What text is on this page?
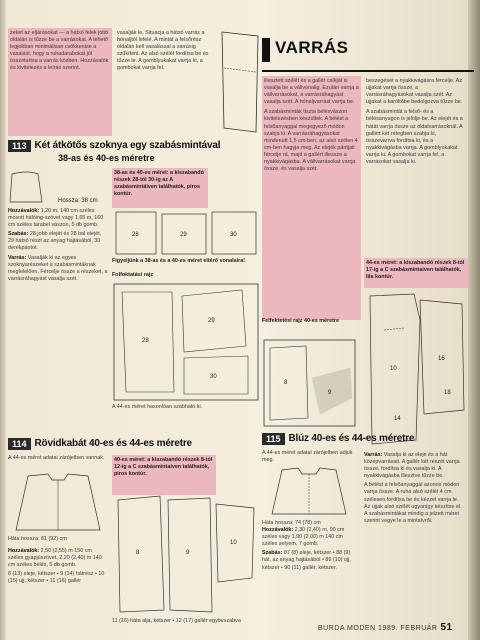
VARRÁS

zeket az eljárásokat — a hátsó felek jobb oldalán is tűzze be a varrásokat. A lehető legjobban minimálisan csökkentse a vasalást, hogy a ruhadarabokat jól összetartsa a varrás közben. Hozzávalók és kivitelezés a leírás szerint.

vasalják le. Situacja a hátsó varrás a hónaljtól lefelé. A mintát a felsőrész oldalán kell vasalással a varrásig szűkíteni. Az alsó szélét fordítsa be és tűzze le. A gomblyukakat varrja ki, a gombokat varrja fel.

illesztett szélét és a gallér csíkját is vasalja be a vállvonalig. Ezután varrja a vállvarrásokat, a varrásráhagyást vasalja szét. A hónaljvarrást varrja be.

A szabásminták tiszta bélésvászon kivitelezésben készültek. A bélést a felsőanyaggal megegyező módon szabja ki. A varrásráhagyásokat mindenütt 1,5 cm-ben, az alsó szélen 4 cm-ben hagyja meg. Az elejék pántjait fércelje rá, majd a gallért illessze a nyakkivágásba. A vállvarrásokat varrja össze, és vasalja szét.

beszegését a nyakkivágásra fércelje. Az ujjakat varrja össze, a varrásráhagyásokat vasalja szét. Az ujjakat a karöltőbe bedolgozva tűzze be.

A szabásmintát a felső- és a bélésanyagon is jelölje be. Az elejét és a hátát varrja össze az oldalvarrásoknál. A gallért két rétegben szabja ki, összevarrva fordítsa ki, és a nyakkivágásba varrja. A gomblyukakat varrja ki. A gombokat varrja fel, a varrásokat vasalja ki.

113 Két átkötős szoknya egy szabásmintával
38-as és 40-es méretre
Hossza: 38 cm

Hozzávalók: 1,20 m, 140 cm széles mosott hálóing-szövet vagy 1,65 m, 160 cm széles tarabel vászon, 5 db gomb.

Szabás: 28 jobb elejét és 28 bal elejét, 29 hátsó részt az anyag hajtásából, 30 derékpántot.

Varrás: Vasalják ki az egyes szoknyarészeket a szabásmintáknak megfelelően. Fércelje össze a részeket, a varrásráhagyást vasalja szét.

38-as és 40-es méret: a kiszabandó részek 28-tól 30-ig az A szabásmintáiven találhatók, piros kontúr.

28	29	30

Figyeljünk a 38-as és a 40-es méret eltérő vonalaira!

Folfoktatási rajz

28
29
30

A 44-es méret hasonlóan szabható ki.

Felfektetési rajz 40-es méretre

8
9

44-es méret: a kiszabandó részek 8-tól 17-ig a C szabásmintaiven találhatók, lila kontúr.

10
16
14
18
114 Rövidkabát 40-es és 44-es méretre

A 44-es méret adatai zárójelben vannak.

Háta hossza: 81 (92) cm

Hozzávalók: 2,50 (2,55) m 150 cm széles gyapjúszövet, 2,20 (2,40) m 140 cm széles bélés, 5 db gomb.

8 (13) eleje, kétszer • 9 (14) hátrész • 10 (15) ujj, kétszer • 11 (16) gallér

40-es méret: a kiszabandó részek 8-tól 12-ig a C szabásmintaíven találhatók, piros kontúr.

8	9
10

11 (16) háta alja, kétszer • 12 (17) gallér egybeszabva

115 Blúz 40-es és 44-es méretre

A 44-es méret adatai zárójelben adjuk meg.

Háta hossza: 74 (78) cm

Hozzávalók: 2,30 (2,40) m, 90 cm széles vagy 1,90 (2,00) m 140 cm széles selyem, 7 gomb.

Szabás: 87 (8) eleje, kétszer • 88 (9) hát, az anyag hajtásából • 89 (10) ujj, kétszer • 90 (11) gallér, kétszer.

Varrás: Vasalja ki az eleje és a hát középvarrásait. A gallér két részét varrja össze, fordítsa ki és vasalja ki. A nyakkivágásba illesztve tűzze be.

A bélést a felsőanyaggal azonos módon varrja össze. A ruha alsó szélét 4 cm szélesen fordítsa be és kézzel varrja le. Az ujjak alsó szélét ugyanígy készítse el. A szabásmintákat mindig a jelzett méret szerint vegye le a mintaívről.

BURDA MODEN 1989. FEBRUÁR 51
